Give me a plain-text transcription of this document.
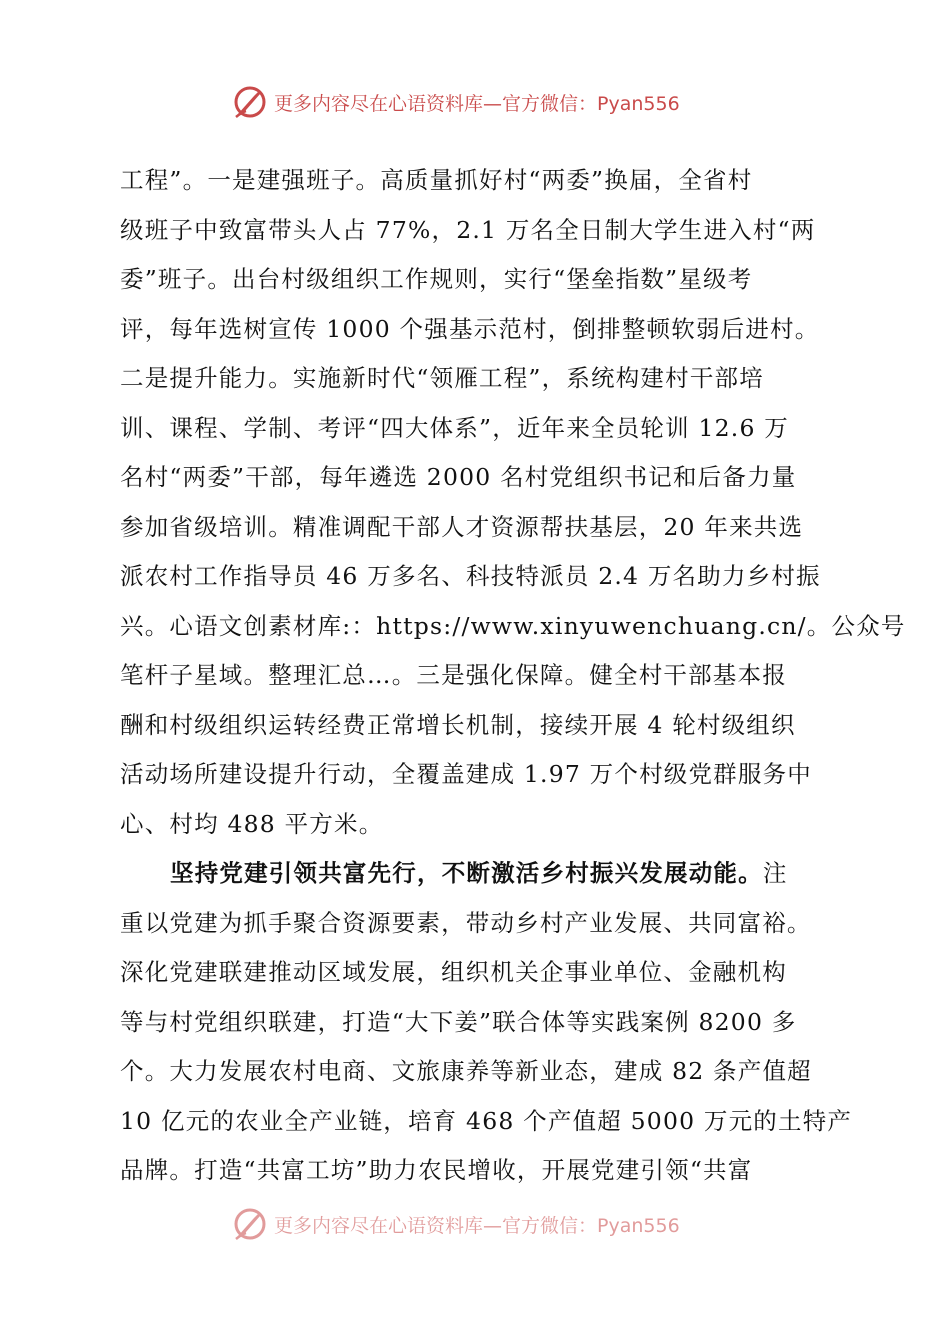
更多内容尽在心语资料库—官方微信：Pyan556
工程”。一是建强班子。高质量抓好村“两委”换届，全省村
级班子中致富带头人占 77%，2.1 万名全日制大学生进入村“两
委”班子。出台村级组织工作规则，实行“堡垒指数”星级考
评，每年选树宣传 1000 个强基示范村，倒排整顿软弱后进村。
二是提升能力。实施新时代“领雁工程”，系统构建村干部培
训、课程、学制、考评“四大体系”，近年来全员轮训 12.6 万
名村“两委”干部，每年遴选 2000 名村党组织书记和后备力量
参加省级培训。精准调配干部人才资源帮扶基层，20 年来共选
派农村工作指导员 46 万多名、科技特派员 2.4 万名助力乡村振
兴。心语文创素材库:：https://www.xinyuwenchuang.cn/。公众号
笔杆子星域。整理汇总…。三是强化保障。健全村干部基本报
酬和村级组织运转经费正常增长机制，接续开展 4 轮村级组织
活动场所建设提升行动，全覆盖建成 1.97 万个村级党群服务中
心、村均 488 平方米。
坚持党建引领共富先行，不断激活乡村振兴发展动能。注
重以党建为抓手聚合资源要素，带动乡村产业发展、共同富裕。
深化党建联建推动区域发展，组织机关企事业单位、金融机构
等与村党组织联建，打造“大下姜”联合体等实践案例 8200 多
个。大力发展农村电商、文旅康养等新业态，建成 82 条产值超
10 亿元的农业全产业链，培育 468 个产值超 5000 万元的土特产
品牌。打造“共富工坊”助力农民增收，开展党建引领“共富
更多内容尽在心语资料库—官方微信：Pyan556
